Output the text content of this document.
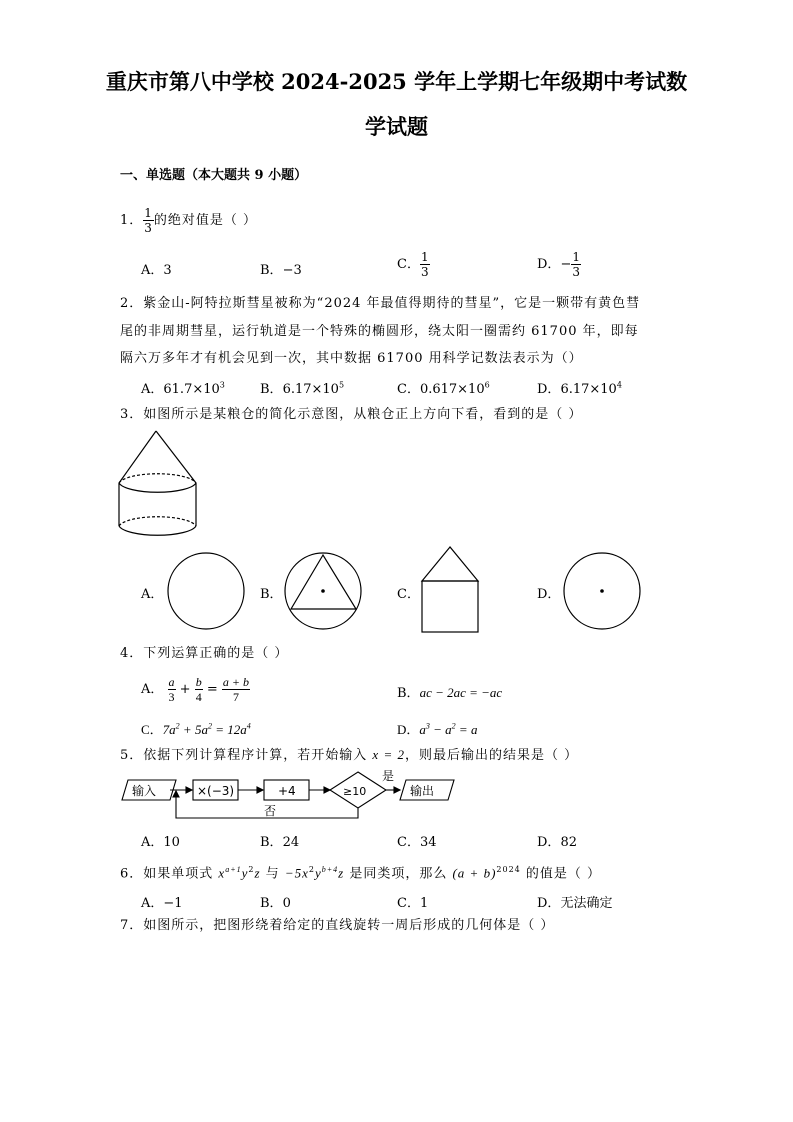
重庆市第八中学校 2024-2025 学年上学期七年级期中考试数
学试题
一、单选题（本大题共 9 小题）
1． $\frac{1}{3}$ 的绝对值是（ ）
A．3	B．−3	C． $\frac{1}{3}$	D．− $\frac{1}{3}$
2．紫金山-阿特拉斯彗星被称为“2024 年最值得期待的彗星”，它是一颗带有黄色彗
尾的非周期彗星，运行轨道是一个特殊的椭圆形，绕太阳一圈需约 61700 年，即每
隔六万多年才有机会见到一次，其中数据 61700 用科学记数法表示为（）
A．$61.7\times 10^3$	B．$6.17\times 10^5$	C．$0.617\times 10^6$	D．$6.17\times 10^4$
3．如图所示是某粮仓的简化示意图，从粮仓正上方向下看，看到的是（ ）
A．	B．	C．	D．
4．下列运算正确的是（ ）
A． $\frac{a}{3} + \frac{b}{4} = \frac{a + b}{7}$	B．ac − 2ac = −ac
C．$7a^2 + 5a^2 = 12a^4$	D．$a^3 - a^2 = a$
5．依据下列计算程序计算，若开始输入 x = 2，则最后输出的结果是（ ）
输入	×(−3)	+4	≥10
是
否
输出
A．10	B．24	C．34	D．82
6．如果单项式 $x^{a+1}y^2z$ 与 $-5x^2y^{b+4}z$ 是同类项，那么 $(a + b)^{2024}$ 的值是（ ）
A．−1	B．0	C．1	D．无法确定
7．如图所示，把图形绕着给定的直线旋转一周后形成的几何体是（ ）
